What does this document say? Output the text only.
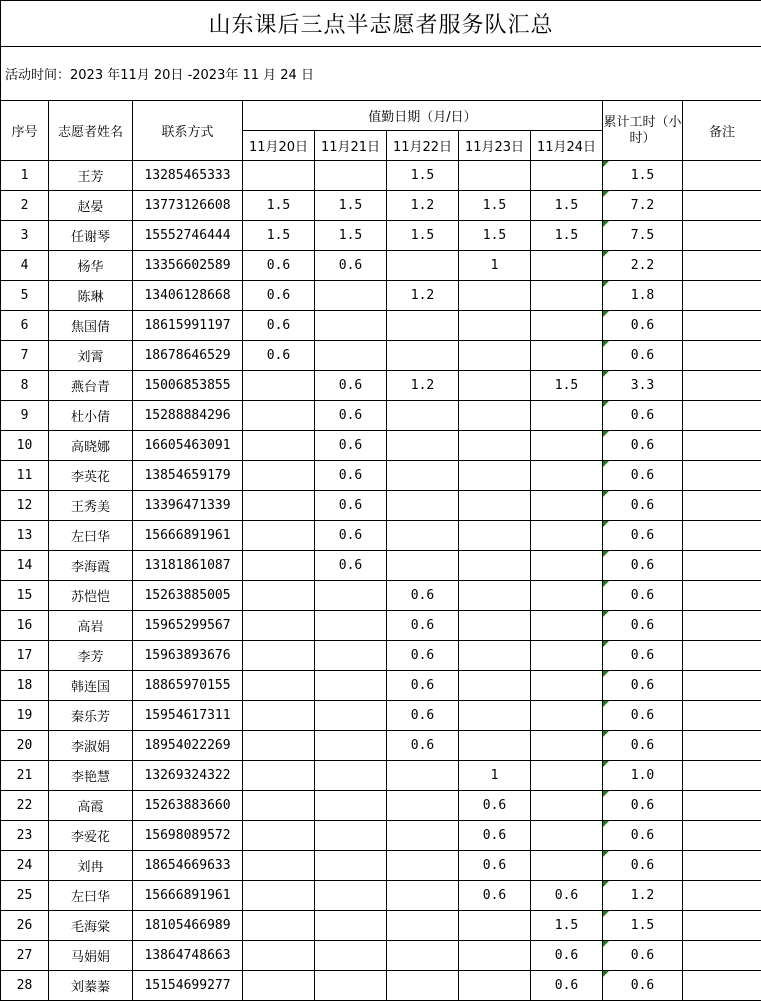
山东课后三点半志愿者服务队汇总									
活动时间：2023 年11月 20日 -2023年 11 月 24 日									
序号	志愿者姓名	联系方式	值勤日期（月/日）					累计工时（小时）	备注
			11月20日	11月21日	11月22日	11月23日	11月24日		
1	王芳	13285465333			1.5			1.5

2	赵晏	13773126608	1.5	1.5	1.2	1.5	1.5	7.2

3	任谢琴	15552746444	1.5	1.5	1.5	1.5	1.5	7.5

4	杨华	13356602589	0.6	0.6		1		2.2

5	陈琳	13406128668	0.6		1.2			1.8

6	焦国倩	18615991197	0.6					0.6

7	刘霄	18678646529	0.6					0.6

8	燕台青	15006853855		0.6	1.2		1.5	3.3

9	杜小倩	15288884296		0.6				0.6

10	高晓娜	16605463091		0.6				0.6

11	李英花	13854659179		0.6				0.6

12	王秀美	13396471339		0.6				0.6

13	左曰华	15666891961		0.6				0.6

14	李海霞	13181861087		0.6				0.6

15	苏恺恺	15263885005			0.6			0.6

16	高岩	15965299567			0.6			0.6

17	李芳	15963893676			0.6			0.6

18	韩连国	18865970155			0.6			0.6

19	秦乐芳	15954617311			0.6			0.6

20	李淑娟	18954022269			0.6			0.6

21	李艳慧	13269324322				1		1.0

22	高霞	15263883660				0.6		0.6

23	李爱花	15698089572				0.6		0.6

24	刘冉	18654669633				0.6		0.6

25	左曰华	15666891961				0.6	0.6	1.2

26	毛海棠	18105466989					1.5	1.5

27	马娟娟	13864748663					0.6	0.6

28	刘蓁蓁	15154699277					0.6	0.6
